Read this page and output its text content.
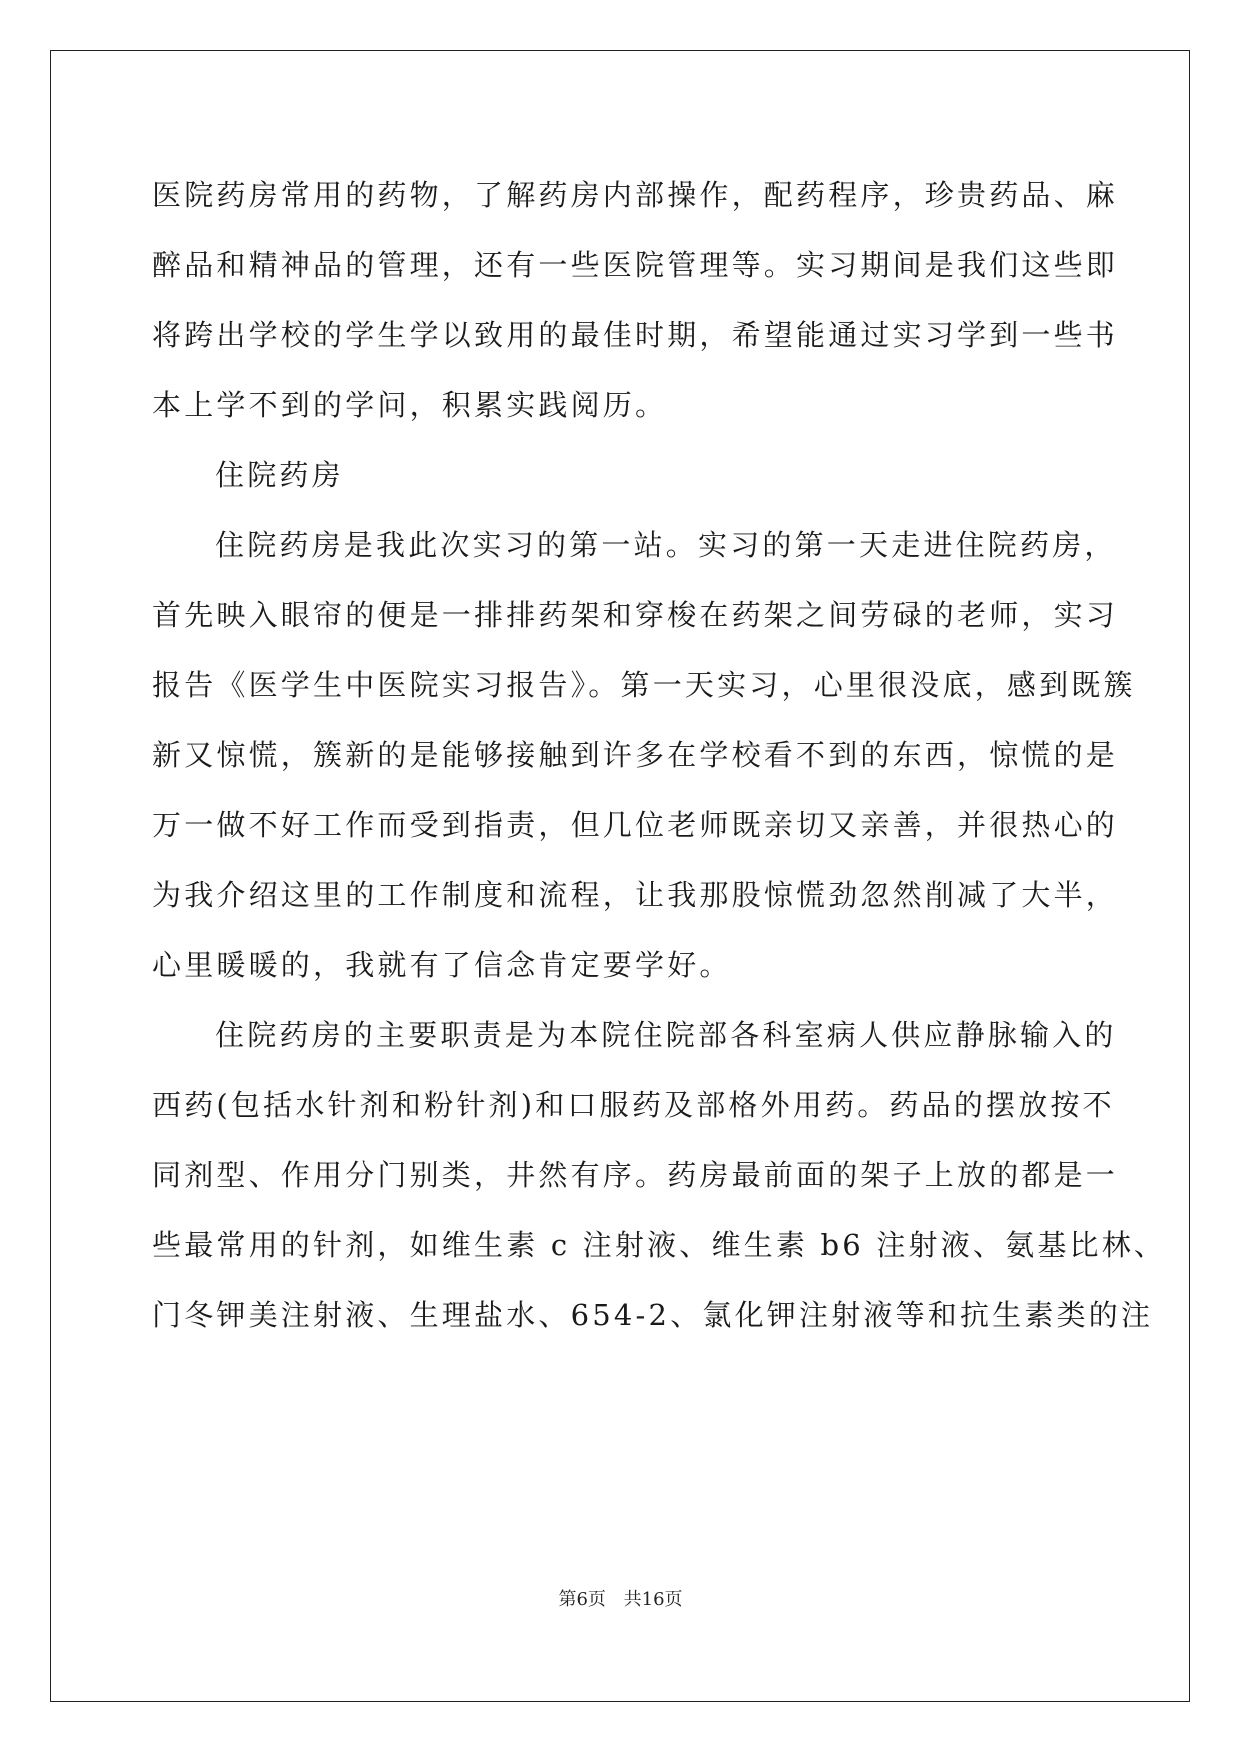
医院药房常用的药物，了解药房内部操作，配药程序，珍贵药品、麻
醉品和精神品的管理，还有一些医院管理等。实习期间是我们这些即
将跨出学校的学生学以致用的最佳时期，希望能通过实习学到一些书
本上学不到的学问，积累实践阅历。
住院药房
住院药房是我此次实习的第一站。实习的第一天走进住院药房，
首先映入眼帘的便是一排排药架和穿梭在药架之间劳碌的老师，实习
报告《医学生中医院实习报告》。第一天实习，心里很没底，感到既簇
新又惊慌，簇新的是能够接触到许多在学校看不到的东西，惊慌的是
万一做不好工作而受到指责，但几位老师既亲切又亲善，并很热心的
为我介绍这里的工作制度和流程，让我那股惊慌劲忽然削减了大半，
心里暖暖的，我就有了信念肯定要学好。
住院药房的主要职责是为本院住院部各科室病人供应静脉输入的
西药(包括水针剂和粉针剂)和口服药及部格外用药。药品的摆放按不
同剂型、作用分门别类，井然有序。药房最前面的架子上放的都是一
些最常用的针剂，如维生素 c 注射液、维生素 b6 注射液、氨基比林、
门冬钾美注射液、生理盐水、654-2、氯化钾注射液等和抗生素类的注
第6页 共16页
